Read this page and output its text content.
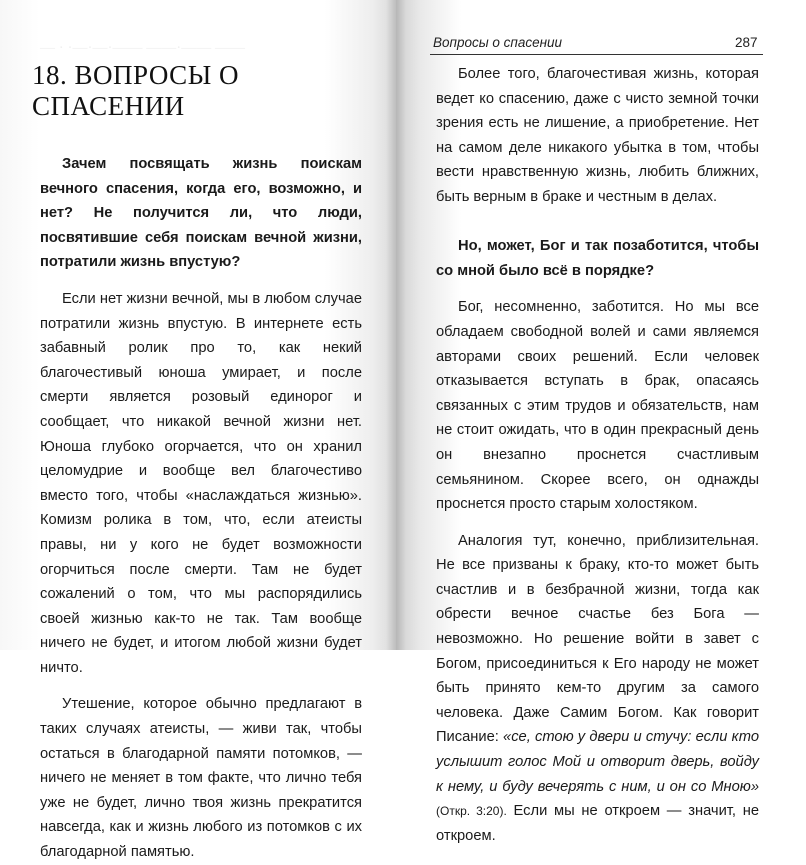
— · ·—·—·—— ——·—— ——
18. ВОПРОСЫ О СПАСЕНИИ

Зачем посвящать жизнь поискам вечного спасения, когда его, возможно, и нет? Не получится ли, что люди, посвятившие себя поискам вечной жизни, потратили жизнь впустую?

Если нет жизни вечной, мы в любом случае потратили жизнь впустую. В интернете есть забавный ролик про то, как некий благочестивый юноша умирает, и после смерти является розовый единорог и сообщает, что никакой вечной жизни нет. Юноша глубоко огорчается, что он хранил целомудрие и вообще вел благочестиво вместо того, чтобы «наслаждаться жизнью». Комизм ролика в том, что, если атеисты правы, ни у кого не будет возможности огорчиться после смерти. Там не будет сожалений о том, что мы распорядились своей жизнью как-то не так. Там вообще ничего не будет, и итогом любой жизни будет ничто.

Утешение, которое обычно предлагают в таких случаях атеисты, — живи так, чтобы остаться в благодарной памяти потомков, — ничего не меняет в том факте, что лично тебя уже не будет, лично твоя жизнь прекратится навсегда, как и жизнь любого из потомков с их благодарной памятью.

Вопросы о спасении	287

Более того, благочестивая жизнь, которая ведет ко спасению, даже с чисто земной точки зрения есть не лишение, а приобретение. Нет на самом деле никакого убытка в том, чтобы вести нравственную жизнь, любить ближних, быть верным в браке и честным в делах.

Но, может, Бог и так позаботится, чтобы со мной было всё в порядке?

Бог, несомненно, заботится. Но мы все обладаем свободной волей и сами являемся авторами своих решений. Если человек отказывается вступать в брак, опасаясь связанных с этим трудов и обязательств, нам не стоит ожидать, что в один прекрасный день он внезапно проснется счастливым семьянином. Скорее всего, он однажды проснется просто старым холостяком.

Аналогия тут, конечно, приблизительная. Не все призваны к браку, кто-то может быть счастлив и в безбрачной жизни, тогда как обрести вечное счастье без Бога — невозможно. Но решение войти в завет с Богом, присоединиться к Его народу не может быть принято кем-то другим за самого человека. Даже Самим Богом. Как говорит Писание: «се, стою у двери и стучу: если кто услышит голос Мой и отворит дверь, войду к нему, и буду вечерять с ним, и он со Мною» (Откр. 3:20). Если мы не откроем — значит, не откроем.
